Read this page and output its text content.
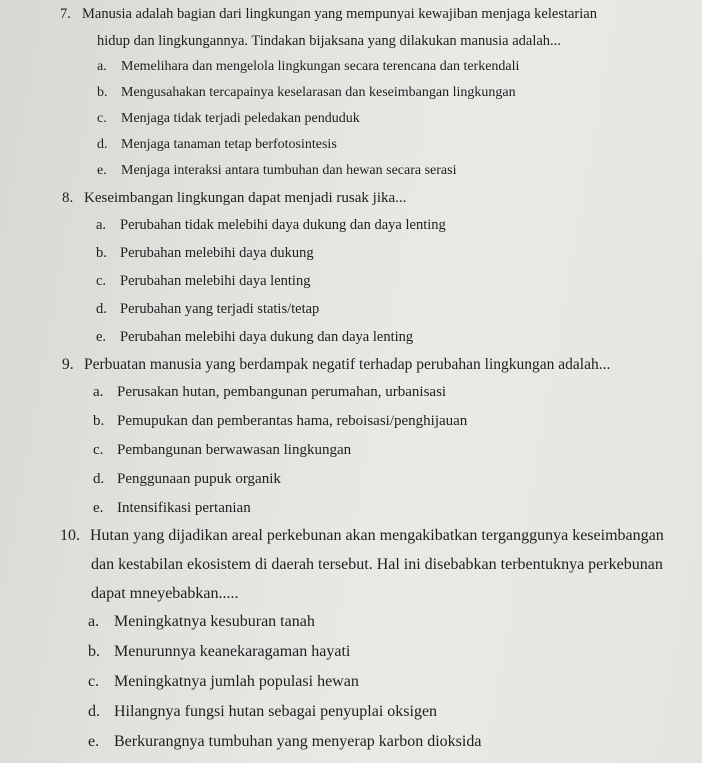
7. Manusia adalah bagian dari lingkungan yang mempunyai kewajiban menjaga kelestarian
hidup dan lingkungannya. Tindakan bijaksana yang dilakukan manusia adalah...
a. Memelihara dan mengelola lingkungan secara terencana dan terkendali
b. Mengusahakan tercapainya keselarasan dan keseimbangan lingkungan
c. Menjaga tidak terjadi peledakan penduduk
d. Menjaga tanaman tetap berfotosintesis
e. Menjaga interaksi antara tumbuhan dan hewan secara serasi
8. Keseimbangan lingkungan dapat menjadi rusak jika...
a. Perubahan tidak melebihi daya dukung dan daya lenting
b. Perubahan melebihi daya dukung
c. Perubahan melebihi daya lenting
d. Perubahan yang terjadi statis/tetap
e. Perubahan melebihi daya dukung dan daya lenting
9. Perbuatan manusia yang berdampak negatif terhadap perubahan lingkungan adalah...
a. Perusakan hutan, pembangunan perumahan, urbanisasi
b. Pemupukan dan pemberantas hama, reboisasi/penghijauan
c. Pembangunan berwawasan lingkungan
d. Penggunaan pupuk organik
e. Intensifikasi pertanian
10. Hutan yang dijadikan areal perkebunan akan mengakibatkan terganggunya keseimbangan
dan kestabilan ekosistem di daerah tersebut. Hal ini disebabkan terbentuknya perkebunan
dapat mneyebabkan.....
a. Meningkatnya kesuburan tanah
b. Menurunnya keanekaragaman hayati
c. Meningkatnya jumlah populasi hewan
d. Hilangnya fungsi hutan sebagai penyuplai oksigen
e. Berkurangnya tumbuhan yang menyerap karbon dioksida
